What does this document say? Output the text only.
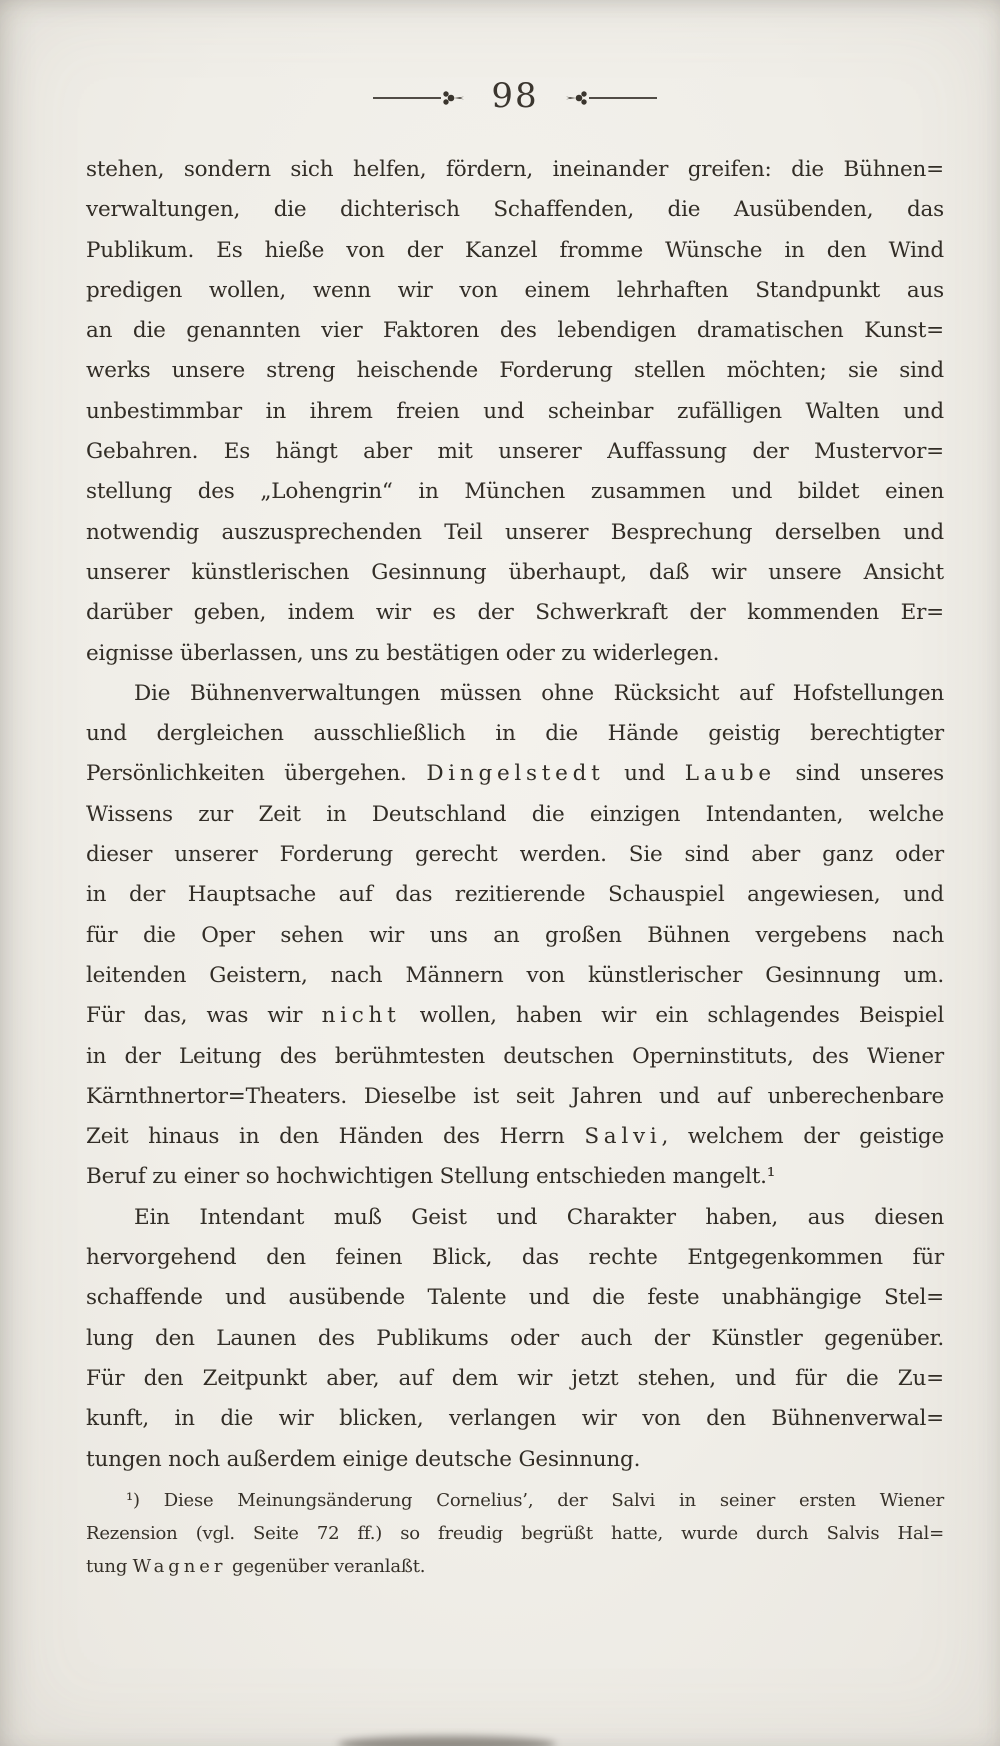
98
stehen, sondern sich helfen, fördern, ineinander greifen: die Bühnen=
verwaltungen, die dichterisch Schaffenden, die Ausübenden, das
Publikum. Es hieße von der Kanzel fromme Wünsche in den Wind
predigen wollen, wenn wir von einem lehrhaften Standpunkt aus
an die genannten vier Faktoren des lebendigen dramatischen Kunst=
werks unsere streng heischende Forderung stellen möchten; sie sind
unbestimmbar in ihrem freien und scheinbar zufälligen Walten und
Gebahren. Es hängt aber mit unserer Auffassung der Mustervor=
stellung des „Lohengrin“ in München zusammen und bildet einen
notwendig auszusprechenden Teil unserer Besprechung derselben und
unserer künstlerischen Gesinnung überhaupt, daß wir unsere Ansicht
darüber geben, indem wir es der Schwerkraft der kommenden Er=
eignisse überlassen, uns zu bestätigen oder zu widerlegen.
Die Bühnenverwaltungen müssen ohne Rücksicht auf Hofstellungen
und dergleichen ausschließlich in die Hände geistig berechtigter
Persönlichkeiten übergehen. Dingelstedt und Laube sind unseres
Wissens zur Zeit in Deutschland die einzigen Intendanten, welche
dieser unserer Forderung gerecht werden. Sie sind aber ganz oder
in der Hauptsache auf das rezitierende Schauspiel angewiesen, und
für die Oper sehen wir uns an großen Bühnen vergebens nach
leitenden Geistern, nach Männern von künstlerischer Gesinnung um.
Für das, was wir nicht wollen, haben wir ein schlagendes Beispiel
in der Leitung des berühmtesten deutschen Operninstituts, des Wiener
Kärnthnertor=Theaters. Dieselbe ist seit Jahren und auf unberechenbare
Zeit hinaus in den Händen des Herrn Salvi, welchem der geistige
Beruf zu einer so hochwichtigen Stellung entschieden mangelt.¹
Ein Intendant muß Geist und Charakter haben, aus diesen
hervorgehend den feinen Blick, das rechte Entgegenkommen für
schaffende und ausübende Talente und die feste unabhängige Stel=
lung den Launen des Publikums oder auch der Künstler gegenüber.
Für den Zeitpunkt aber, auf dem wir jetzt stehen, und für die Zu=
kunft, in die wir blicken, verlangen wir von den Bühnenverwal=
tungen noch außerdem einige deutsche Gesinnung.
¹) Diese Meinungsänderung Cornelius’, der Salvi in seiner ersten Wiener
Rezension (vgl. Seite 72 ff.) so freudig begrüßt hatte, wurde durch Salvis Hal=
tung Wagner gegenüber veranlaßt.
